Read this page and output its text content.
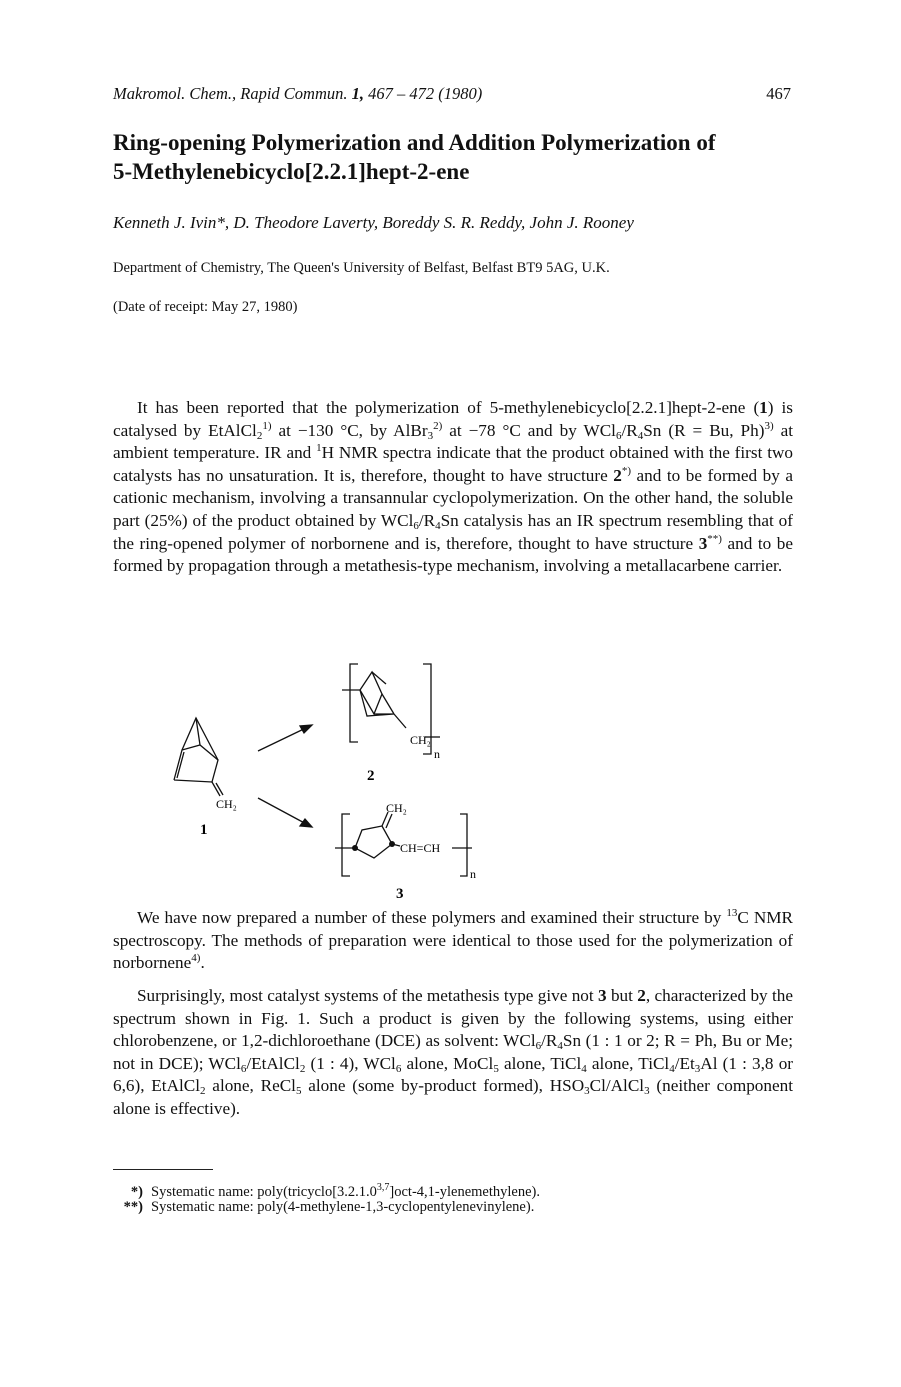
Makromol. Chem., Rapid Commun. 1, 467 – 472 (1980)	467
Ring-opening Polymerization and Addition Polymerization of
5-Methylenebicyclo[2.2.1]hept-2-ene
Kenneth J. Ivin*, D. Theodore Laverty, Boreddy S. R. Reddy, John J. Rooney
Department of Chemistry, The Queen's University of Belfast, Belfast BT9 5AG, U.K.
(Date of receipt: May 27, 1980)

It has been reported that the polymerization of 5-methylenebicyclo[2.2.1]hept-2-ene (1) is catalysed by EtAlCl$_2^{1)}$ at −130 °C, by AlBr$_3^{2)}$ at −78 °C and by $WCl_6/R_4Sn$ (R = Bu, Ph)$^{3)}$ at ambient temperature. IR and $^1$H NMR spectra indicate that the product obtained with the first two catalysts has no unsaturation. It is, therefore, thought to have structure 2*) and to be formed by a cationic mechanism, involving a transannular cyclopolymerization. On the other hand, the soluble part (25%) of the product obtained by $WCl_6/R_4Sn$ catalysis has an IR spectrum resembling that of the ring-opened polymer of norbornene and is, therefore, thought to have structure 3**) and to be formed by propagation through a metathesis-type mechanism, involving a metallacarbene carrier.

CH₂
1
CH₂
n
2
CH₂
CH=CH
n
3

We have now prepared a number of these polymers and examined their structure by $^{13}$C NMR spectroscopy. The methods of preparation were identical to those used for the polymerization of norbornene$^{4)}$.

Surprisingly, most catalyst systems of the metathesis type give not 3 but 2, characterized by the spectrum shown in Fig. 1. Such a product is given by the following systems, using either chlorobenzene, or 1,2-dichloroethane (DCE) as solvent: $WCl_6/R_4Sn$ (1 : 1 or 2; R = Ph, Bu or Me; not in DCE); WCl$_6$/EtAlCl$_2$ (1 : 4), WCl$_6$ alone, MoCl$_5$ alone, TiCl$_4$ alone, $TiCl_4/Et_3Al$ (1 : 3,8 or 6,6), EtAlCl$_2$ alone, ReCl$_5$ alone (some by-product formed), $HSO_3Cl/AlCl_3$ (neither component alone is effective).

*) Systematic name: poly(tricyclo[3.2.1.0$^{3,7}$]oct-4,1-ylenemethylene).
**) Systematic name: poly(4-methylene-1,3-cyclopentylenevinylene).
